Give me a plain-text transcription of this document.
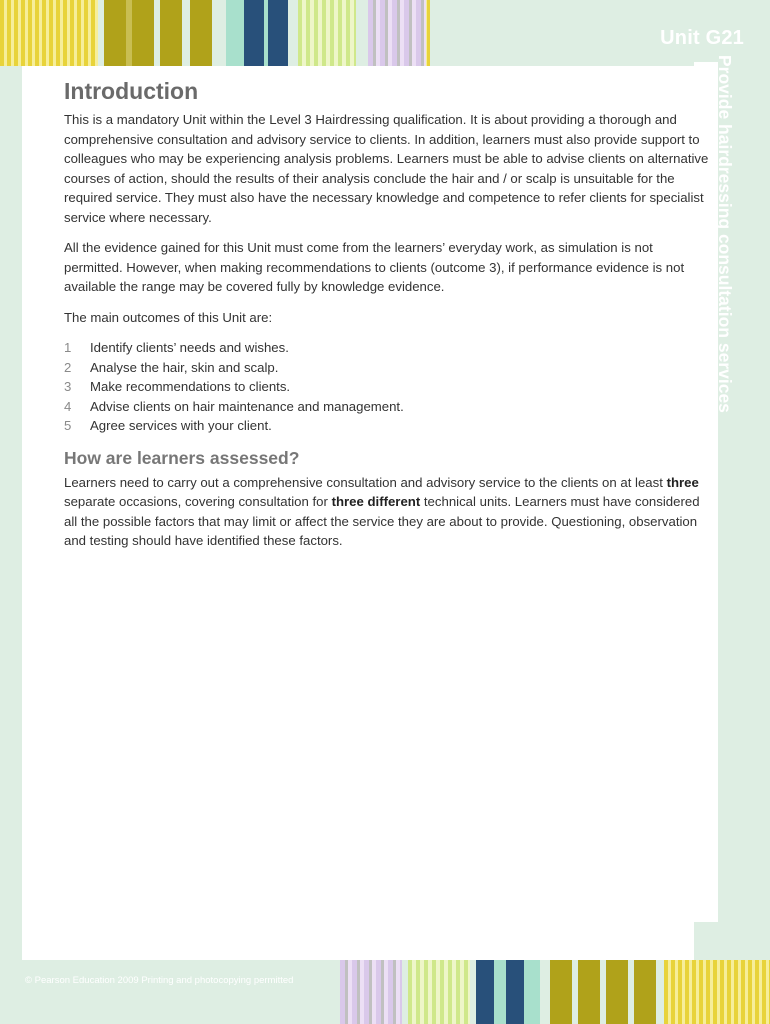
Unit G21
Provide hairdressing consultation services
Introduction

This is a mandatory Unit within the Level 3 Hairdressing qualification. It is about providing a thorough and comprehensive consultation and advisory service to clients. In addition, learners must also provide support to colleagues who may be experiencing analysis problems. Learners must be able to advise clients on alternative courses of action, should the results of their analysis conclude the hair and / or scalp is unsuitable for the required service. They must also have the necessary knowledge and competence to refer clients for specialist service where necessary.

All the evidence gained for this Unit must come from the learners’ everyday work, as simulation is not permitted. However, when making recommendations to clients (outcome 3), if performance evidence is not available the range may be covered fully by knowledge evidence.

The main outcomes of this Unit are:

1	Identify clients’ needs and wishes.
2	Analyse the hair, skin and scalp.
3	Make recommendations to clients.
4	Advise clients on hair maintenance and management.
5	Agree services with your client.
How are learners assessed?

Learners need to carry out a comprehensive consultation and advisory service to the clients on at least three separate occasions, covering consultation for three different technical units. Learners must have considered all the possible factors that may limit or affect the service they are about to provide. Questioning, observation and testing should have identified these factors.

© Pearson Education 2009 Printing and photocopying permitted
